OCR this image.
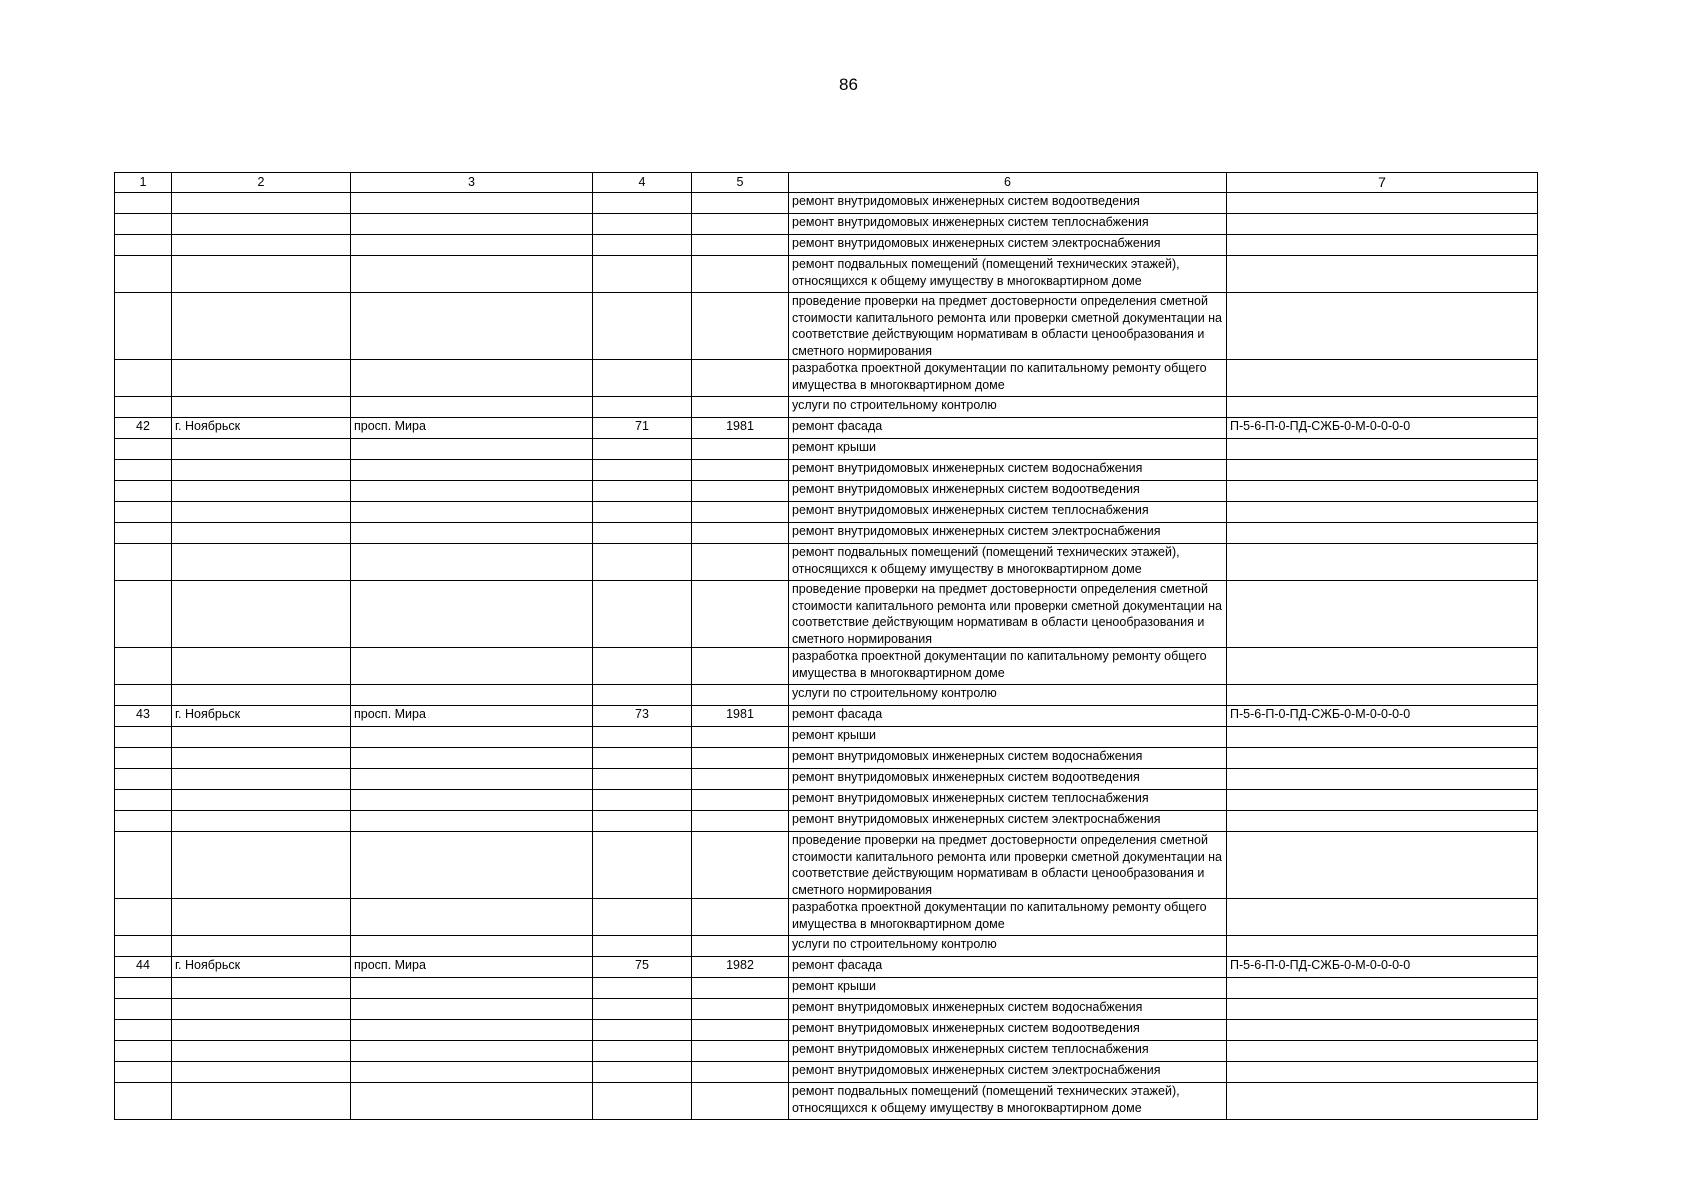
86
1	2	3	4	5	6	7
					ремонт внутридомовых инженерных систем водоотведения	
					ремонт внутридомовых инженерных систем теплоснабжения	
					ремонт внутридомовых инженерных систем электроснабжения	
					ремонт подвальных помещений (помещений технических этажей), относящихся к общему имуществу в многоквартирном доме	
					проведение проверки на предмет достоверности определения сметной стоимости капитального ремонта или проверки сметной документации на соответствие действующим нормативам в области ценообразования и сметного нормирования	
					разработка проектной документации по капитальному ремонту общего имущества в многоквартирном доме	
					услуги по строительному контролю	
42	г. Ноябрьск	просп. Мира	71	1981	ремонт фасада	П-5-6-П-0-ПД-СЖБ-0-М-0-0-0-0
					ремонт крыши	
					ремонт внутридомовых инженерных систем водоснабжения	
					ремонт внутридомовых инженерных систем водоотведения	
					ремонт внутридомовых инженерных систем теплоснабжения	
					ремонт внутридомовых инженерных систем электроснабжения	
					ремонт подвальных помещений (помещений технических этажей), относящихся к общему имуществу в многоквартирном доме	
					проведение проверки на предмет достоверности определения сметной стоимости капитального ремонта или проверки сметной документации на соответствие действующим нормативам в области ценообразования и сметного нормирования	
					разработка проектной документации по капитальному ремонту общего имущества в многоквартирном доме	
					услуги по строительному контролю	
43	г. Ноябрьск	просп. Мира	73	1981	ремонт фасада	П-5-6-П-0-ПД-СЖБ-0-М-0-0-0-0
					ремонт крыши	
					ремонт внутридомовых инженерных систем водоснабжения	
					ремонт внутридомовых инженерных систем водоотведения	
					ремонт внутридомовых инженерных систем теплоснабжения	
					ремонт внутридомовых инженерных систем электроснабжения	
					проведение проверки на предмет достоверности определения сметной стоимости капитального ремонта или проверки сметной документации на соответствие действующим нормативам в области ценообразования и сметного нормирования	
					разработка проектной документации по капитальному ремонту общего имущества в многоквартирном доме	
					услуги по строительному контролю	
44	г. Ноябрьск	просп. Мира	75	1982	ремонт фасада	П-5-6-П-0-ПД-СЖБ-0-М-0-0-0-0
					ремонт крыши	
					ремонт внутридомовых инженерных систем водоснабжения	
					ремонт внутридомовых инженерных систем водоотведения	
					ремонт внутридомовых инженерных систем теплоснабжения	
					ремонт внутридомовых инженерных систем электроснабжения	
					ремонт подвальных помещений (помещений технических этажей), относящихся к общему имуществу в многоквартирном доме	
